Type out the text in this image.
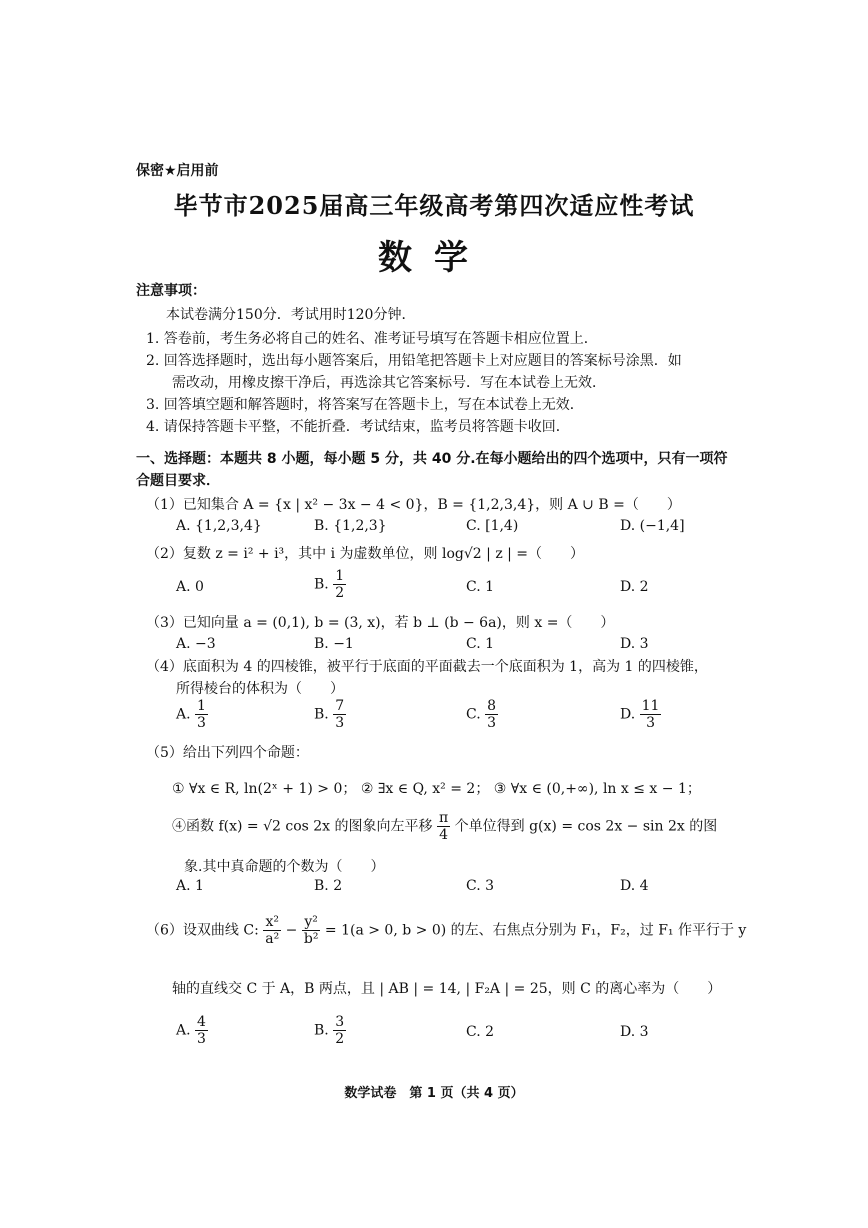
保密★启用前
毕节市2025届高三年级高考第四次适应性考试
数学
注意事项：
本试卷满分150分．考试用时120分钟．
1. 答卷前，考生务必将自己的姓名、准考证号填写在答题卡相应位置上．
2. 回答选择题时，选出每小题答案后，用铅笔把答题卡上对应题目的答案标号涂黑．如
需改动，用橡皮擦干净后，再选涂其它答案标号．写在本试卷上无效．
3. 回答填空题和解答题时，将答案写在答题卡上，写在本试卷上无效．
4. 请保持答题卡平整，不能折叠．考试结束，监考员将答题卡收回．
一、选择题：本题共 8 小题，每小题 5 分，共 40 分.在每小题给出的四个选项中，只有一项符合题目要求．
（1）已知集合 A = {x | x² − 3x − 4 < 0}，B = {1,2,3,4}，则 A ∪ B =（　　）
A. {1,2,3,4}	B. {1,2,3}	C. [1,4)	D. (−1,4]
（2）复数 z = i² + i³，其中 i 为虚数单位，则 log√2 | z | =（　　）
A. 0	B. $\frac{1}{2}$	C. 1	D. 2
（3）已知向量 a = (0,1), b = (3, x)，若 b ⊥ (b − 6a)，则 x =（　　）
A. −3	B. −1	C. 1	D. 3
（4）底面积为 4 的四棱锥，被平行于底面的平面截去一个底面积为 1，高为 1 的四棱锥，
所得棱台的体积为（　　）
A. $\frac{1}{3}$	B. $\frac{7}{3}$	C. $\frac{8}{3}$	D. $\frac{11}{3}$
（5）给出下列四个命题：
① ∀x ∈ R, ln(2ˣ + 1) > 0； ② ∃x ∈ Q, x² = 2； ③ ∀x ∈ (0,+∞), ln x ≤ x − 1；
④函数 f(x) = √2 cos 2x 的图象向左平移 $\frac{\pi}{4}$ 个单位得到 g(x) = cos 2x − sin 2x 的图
象.其中真命题的个数为（　　）
A. 1	B. 2	C. 3	D. 4
（6）设双曲线 C: $\frac{\text{x²}}{\text{a²}} - \frac{\text{y²}}{\text{b²}} = 1(a > 0$, b > 0) 的左、右焦点分别为 F₁，F₂，过 F₁ 作平行于 y
轴的直线交 C 于 A，B 两点，且 | AB | = 14, | F₂A | = 25，则 C 的离心率为（　　）
A. $\frac{4}{3}$	B. $\frac{3}{2}$	C. 2	D. 3
数学试卷　第 1 页（共 4 页）
